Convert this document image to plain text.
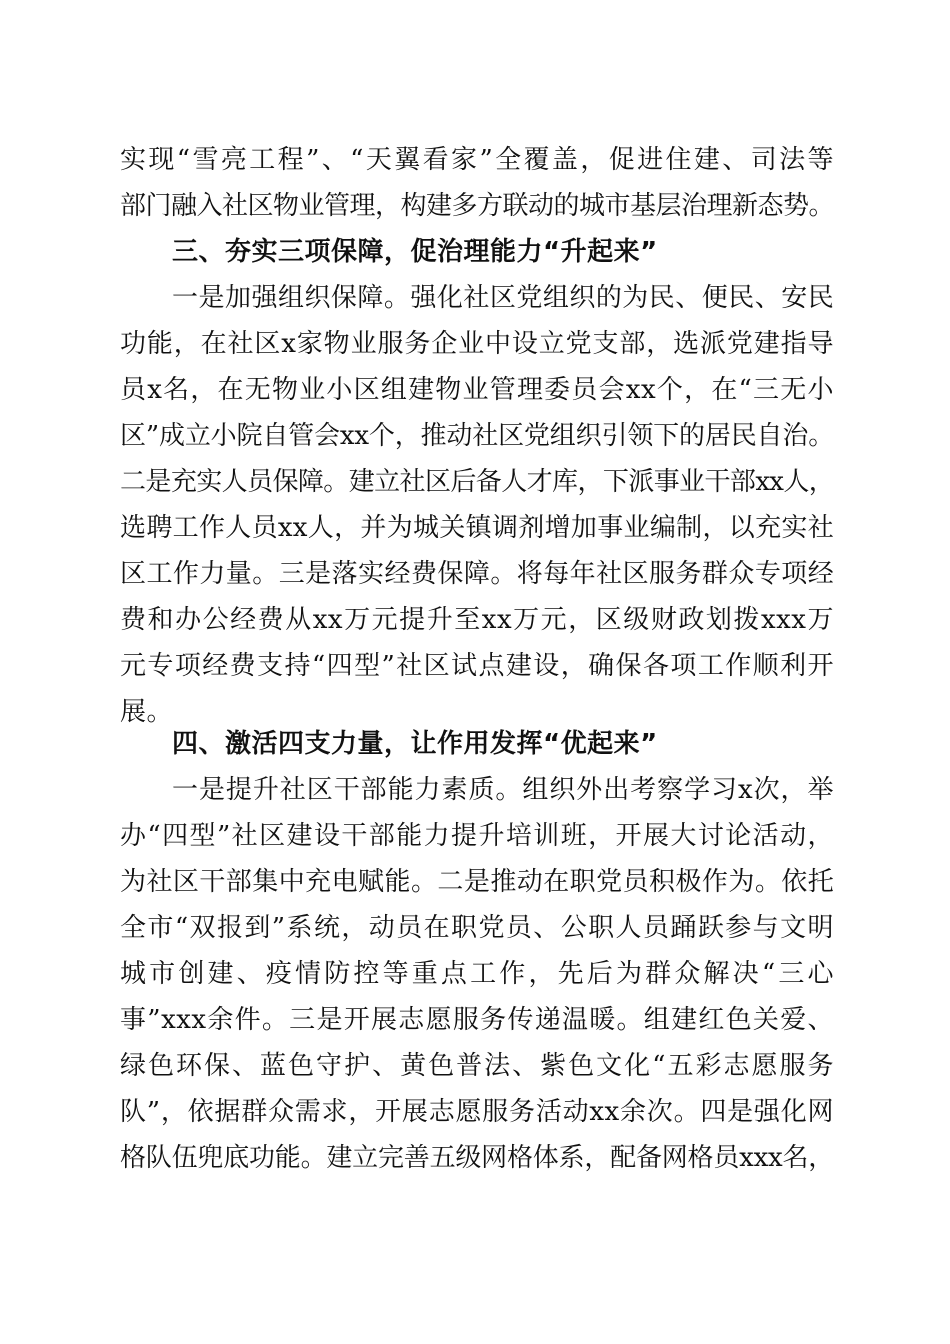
实现“雪亮工程”、“天翼看家”全覆盖，促进住建、司法等
部门融入社区物业管理，构建多方联动的城市基层治理新态势。

三、夯实三项保障，促治理能力“升起来”

一是加强组织保障。强化社区党组织的为民、便民、安民
功能，在社区x家物业服务企业中设立党支部，选派党建指导
员x名，在无物业小区组建物业管理委员会xx个，在“三无小
区”成立小院自管会xx个，推动社区党组织引领下的居民自治。
二是充实人员保障。建立社区后备人才库，下派事业干部xx人，
选聘工作人员xx人，并为城关镇调剂增加事业编制，以充实社
区工作力量。三是落实经费保障。将每年社区服务群众专项经
费和办公经费从xx万元提升至xx万元，区级财政划拨xxx万
元专项经费支持“四型”社区试点建设，确保各项工作顺利开
展。

四、激活四支力量，让作用发挥“优起来”

一是提升社区干部能力素质。组织外出考察学习x次，举
办“四型”社区建设干部能力提升培训班，开展大讨论活动，
为社区干部集中充电赋能。二是推动在职党员积极作为。依托
全市“双报到”系统，动员在职党员、公职人员踊跃参与文明
城市创建、疫情防控等重点工作，先后为群众解决“三心
事”xxx余件。三是开展志愿服务传递温暖。组建红色关爱、
绿色环保、蓝色守护、黄色普法、紫色文化“五彩志愿服务
队”，依据群众需求，开展志愿服务活动xx余次。四是强化网
格队伍兜底功能。建立完善五级网格体系，配备网格员xxx名，
